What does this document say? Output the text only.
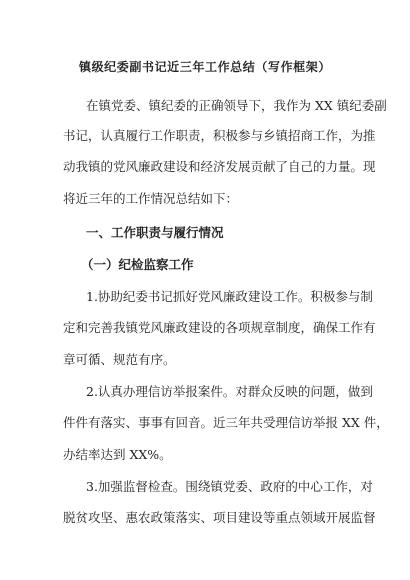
镇级纪委副书记近三年工作总结（写作框架）

在镇党委、镇纪委的正确领导下，我作为 XX 镇纪委副

书记，认真履行工作职责，积极参与乡镇招商工作，为推

动我镇的党风廉政建设和经济发展贡献了自己的力量。现

将近三年的工作情况总结如下：

一、工作职责与履行情况

（一）纪检监察工作

1.协助纪委书记抓好党风廉政建设工作。积极参与制

定和完善我镇党风廉政建设的各项规章制度，确保工作有

章可循、规范有序。

2.认真办理信访举报案件。对群众反映的问题，做到

件件有落实、事事有回音。近三年共受理信访举报 XX 件，

办结率达到 XX%。

3.加强监督检查。围绕镇党委、政府的中心工作，对

脱贫攻坚、惠农政策落实、项目建设等重点领域开展监督
